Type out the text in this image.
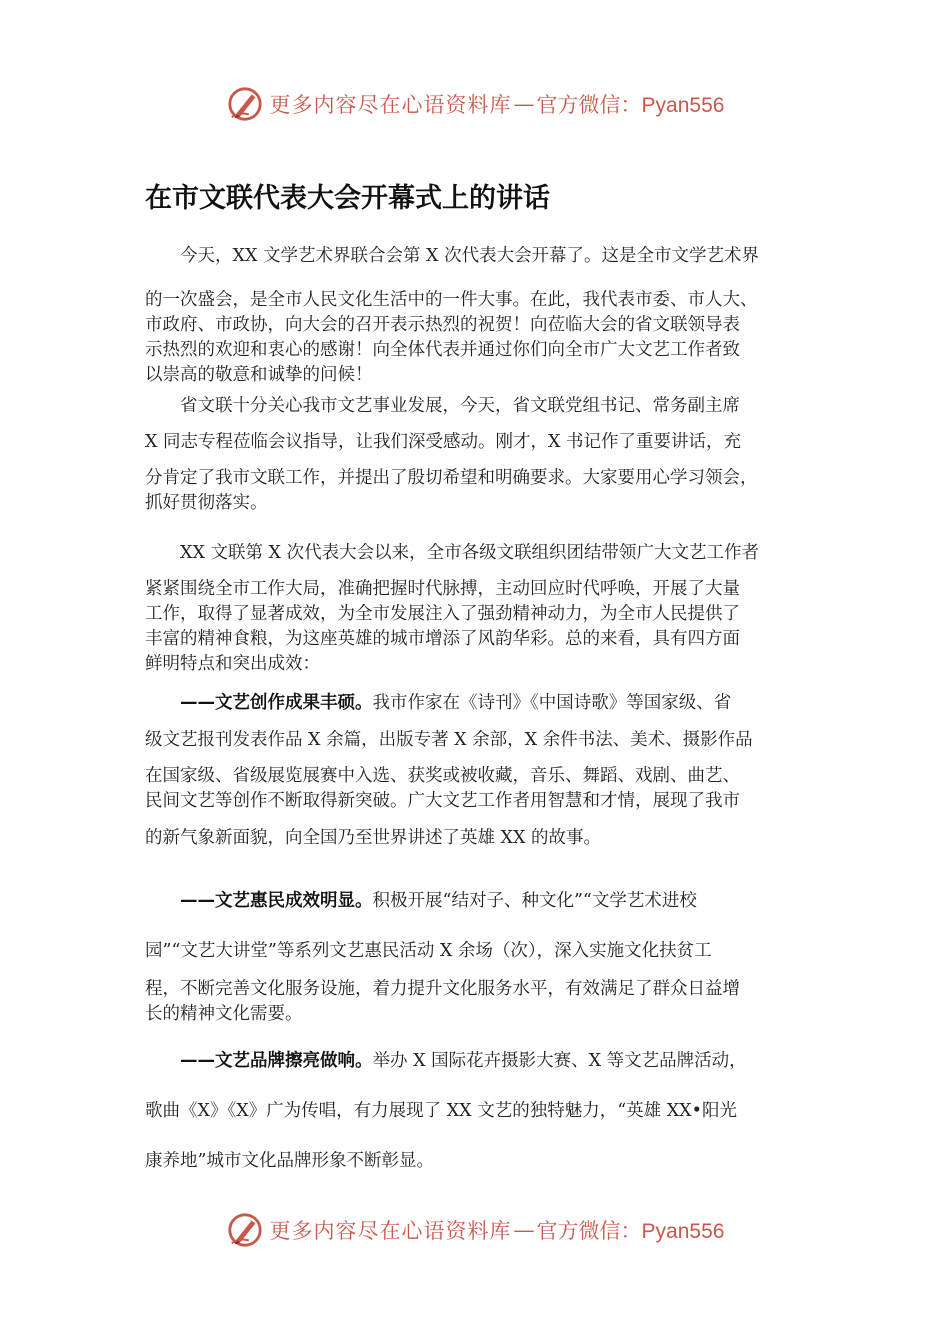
更多内容尽在心语资料库 — 官方微信：Pyan556
在市文联代表大会开幕式上的讲话
今天，XX 文学艺术界联合会第 X 次代表大会开幕了。这是全市文学艺术界
的一次盛会，是全市人民文化生活中的一件大事。在此，我代表市委、市人大、
市政府、市政协，向大会的召开表示热烈的祝贺！向莅临大会的省文联领导表
示热烈的欢迎和衷心的感谢！向全体代表并通过你们向全市广大文艺工作者致
以崇高的敬意和诚挚的问候！
省文联十分关心我市文艺事业发展，今天，省文联党组书记、常务副主席
X 同志专程莅临会议指导，让我们深受感动。刚才，X 书记作了重要讲话，充
分肯定了我市文联工作，并提出了殷切希望和明确要求。大家要用心学习领会，
抓好贯彻落实。
XX 文联第 X 次代表大会以来，全市各级文联组织团结带领广大文艺工作者
紧紧围绕全市工作大局，准确把握时代脉搏，主动回应时代呼唤，开展了大量
工作，取得了显著成效，为全市发展注入了强劲精神动力，为全市人民提供了
丰富的精神食粮，为这座英雄的城市增添了风韵华彩。总的来看，具有四方面
鲜明特点和突出成效：
——文艺创作成果丰硕。我市作家在《诗刊》《中国诗歌》等国家级、省
级文艺报刊发表作品 X 余篇，出版专著 X 余部，X 余件书法、美术、摄影作品
在国家级、省级展览展赛中入选、获奖或被收藏，音乐、舞蹈、戏剧、曲艺、
民间文艺等创作不断取得新突破。广大文艺工作者用智慧和才情，展现了我市
的新气象新面貌，向全国乃至世界讲述了英雄 XX 的故事。
——文艺惠民成效明显。积极开展“结对子、种文化”“文学艺术进校
园”“文艺大讲堂”等系列文艺惠民活动 X 余场（次），深入实施文化扶贫工
程，不断完善文化服务设施，着力提升文化服务水平，有效满足了群众日益增
长的精神文化需要。
——文艺品牌擦亮做响。举办 X 国际花卉摄影大赛、X 等文艺品牌活动，
歌曲《X》《X》广为传唱，有力展现了 XX 文艺的独特魅力，“英雄 XX•阳光
康养地”城市文化品牌形象不断彰显。
更多内容尽在心语资料库 — 官方微信：Pyan556
